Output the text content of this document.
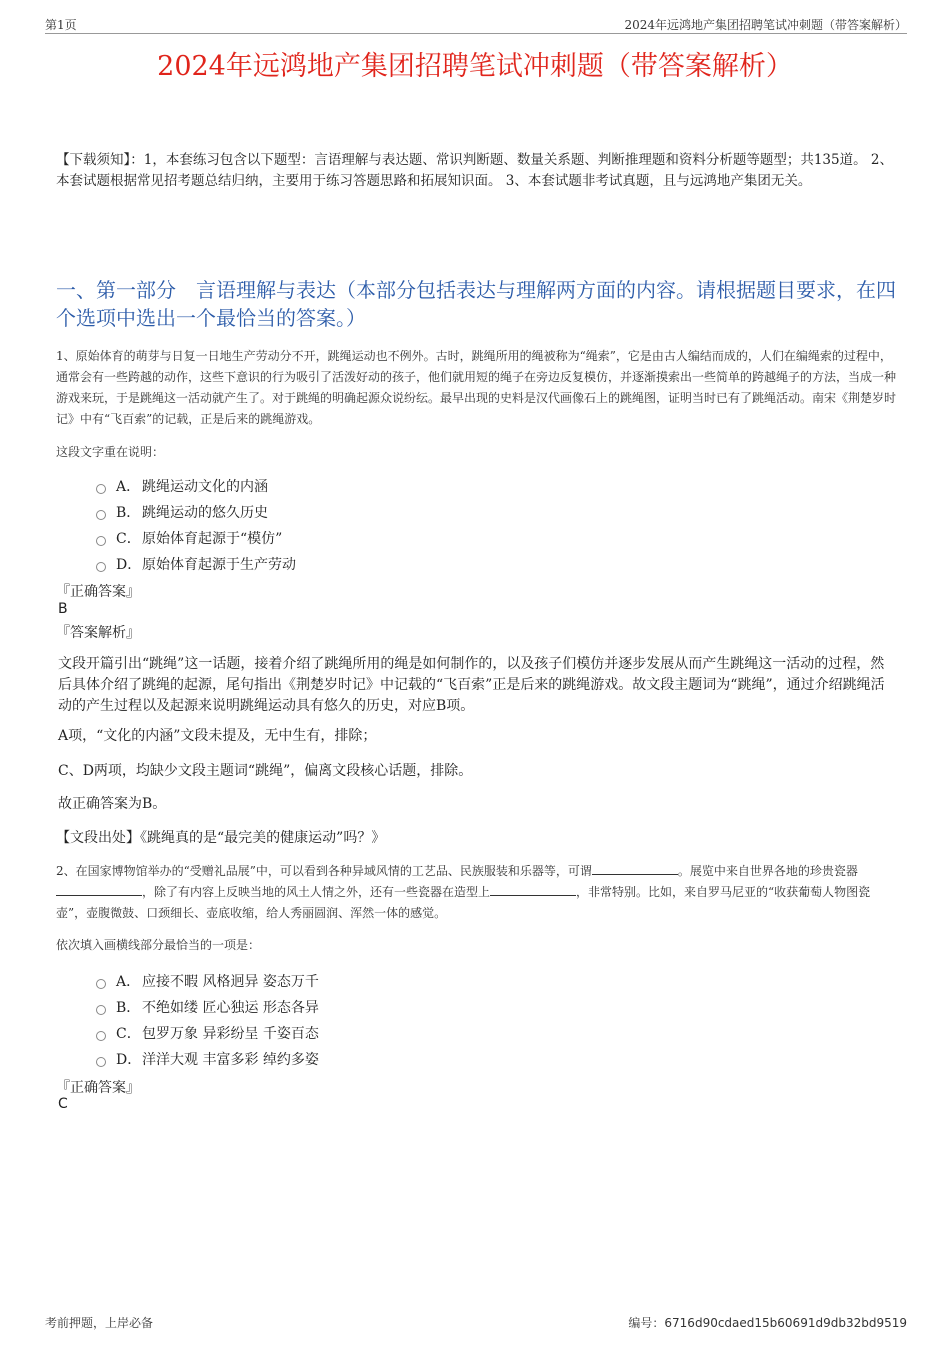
第1页	2024年远鸿地产集团招聘笔试冲刺题（带答案解析）
2024年远鸿地产集团招聘笔试冲刺题（带答案解析）
【下载须知】：1，本套练习包含以下题型：言语理解与表达题、常识判断题、数量关系题、判断推理题和资料分析题等题型；共135道。 2、本套试题根据常见招考题总结归纳，主要用于练习答题思路和拓展知识面。 3、本套试题非考试真题，且与远鸿地产集团无关。
一、第一部分　言语理解与表达（本部分包括表达与理解两方面的内容。请根据题目要求，在四个选项中选出一个最恰当的答案。）
1、原始体育的萌芽与日复一日地生产劳动分不开，跳绳运动也不例外。古时，跳绳所用的绳被称为“绳索”，它是由古人编结而成的，人们在编绳索的过程中，通常会有一些跨越的动作，这些下意识的行为吸引了活泼好动的孩子，他们就用短的绳子在旁边反复模仿，并逐渐摸索出一些简单的跨越绳子的方法，当成一种游戏来玩，于是跳绳这一活动就产生了。对于跳绳的明确起源众说纷纭。最早出现的史料是汉代画像石上的跳绳图，证明当时已有了跳绳活动。南宋《荆楚岁时记》中有“飞百索”的记载，正是后来的跳绳游戏。
这段文字重在说明：
A． 跳绳运动文化的内涵
B． 跳绳运动的悠久历史
C． 原始体育起源于“模仿”
D． 原始体育起源于生产劳动
『正确答案』
B
『答案解析』
文段开篇引出“跳绳”这一话题，接着介绍了跳绳所用的绳是如何制作的，以及孩子们模仿并逐步发展从而产生跳绳这一活动的过程，然后具体介绍了跳绳的起源，尾句指出《荆楚岁时记》中记载的“飞百索”正是后来的跳绳游戏。故文段主题词为“跳绳”，通过介绍跳绳活动的产生过程以及起源来说明跳绳运动具有悠久的历史，对应B项。
A项，“文化的内涵”文段未提及，无中生有，排除；
C、D两项，均缺少文段主题词“跳绳”，偏离文段核心话题，排除。
故正确答案为B。
【文段出处】《跳绳真的是“最完美的健康运动”吗？》
2、在国家博物馆举办的“受赠礼品展”中，可以看到各种异域风情的工艺品、民族服装和乐器等，可谓	。展览中来自世界各地的珍贵瓷器，除了有内容上反映当地的风土人情之外，还有一些瓷器在造型上	，非常特别。比如，来自罗马尼亚的“收获葡萄人物图瓷壶”，壶腹微鼓、口颈细长、壶底收缩，给人秀丽圆润、浑然一体的感觉。
依次填入画横线部分最恰当的一项是：
A． 应接不暇 风格迥异 姿态万千
B． 不绝如缕 匠心独运 形态各异
C． 包罗万象 异彩纷呈 千姿百态
D． 洋洋大观 丰富多彩 绰约多姿
『正确答案』
C
考前押题，上岸必备	编号：6716d90cdaed15b60691d9db32bd9519
